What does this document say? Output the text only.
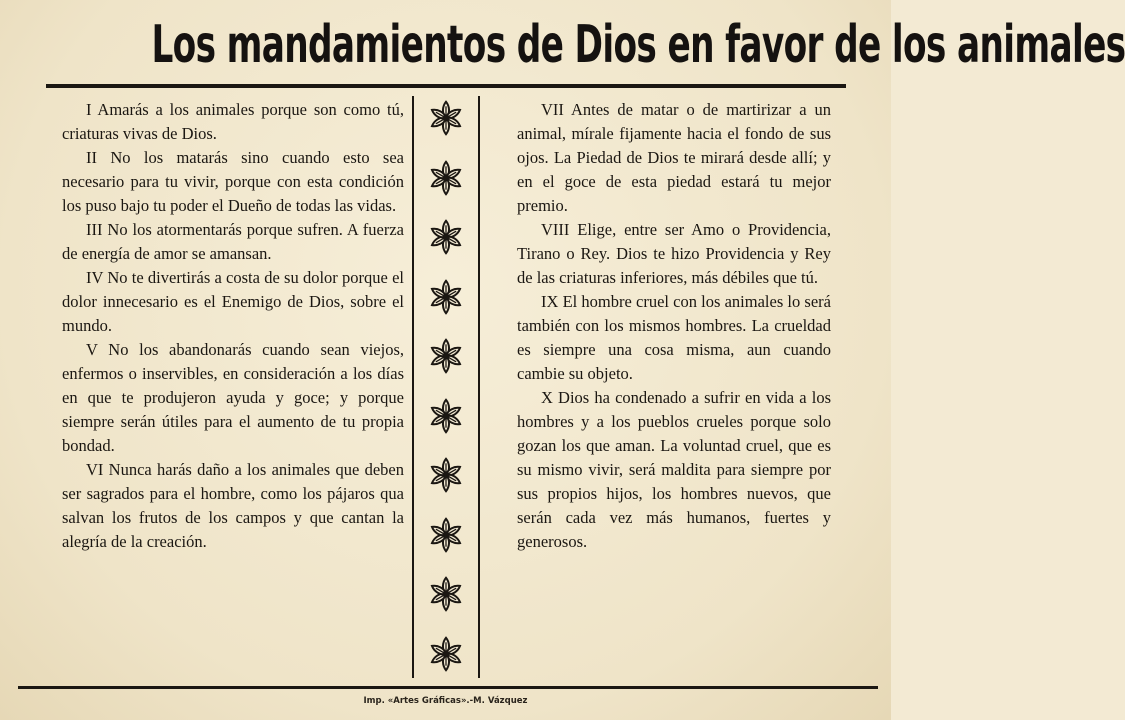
Los mandamientos de Dios en favor de los animales

I Amarás a los animales porque son como tú, criaturas vivas de Dios.

II No los matarás sino cuando esto sea necesario para tu vivir, porque con esta condición los puso bajo tu poder el Dueño de todas las vidas.

III No los atormentarás porque sufren. A fuerza de energía de amor se amansan.

IV No te divertirás a costa de su dolor porque el dolor innecesario es el Enemigo de Dios, sobre el mundo.

V No los abandonarás cuando sean viejos, enfermos o inservibles, en consideración a los días en que te produjeron ayuda y goce; y porque siempre serán útiles para el aumento de tu propia bondad.

VI Nunca harás daño a los animales que deben ser sagrados para el hombre, como los pájaros qua salvan los frutos de los campos y que cantan la alegría de la creación.

VII Antes de matar o de martirizar a un animal, mírale fijamente hacia el fondo de sus ojos. La Piedad de Dios te mirará desde allí; y en el goce de esta piedad estará tu mejor premio.

VIII Elige, entre ser Amo o Providencia, Tirano o Rey. Dios te hizo Providencia y Rey de las criaturas inferiores, más débiles que tú.

IX El hombre cruel con los animales lo será también con los mismos hombres. La crueldad es siempre una cosa misma, aun cuando cambie su objeto.

X Dios ha condenado a sufrir en vida a los hombres y a los pueblos crueles porque solo gozan los que aman. La voluntad cruel, que es su mismo vivir, será maldita para siempre por sus propios hijos, los hombres nuevos, que serán cada vez más humanos, fuertes y generosos.

Imp. «Artes Gráficas».-M. Vázquez
